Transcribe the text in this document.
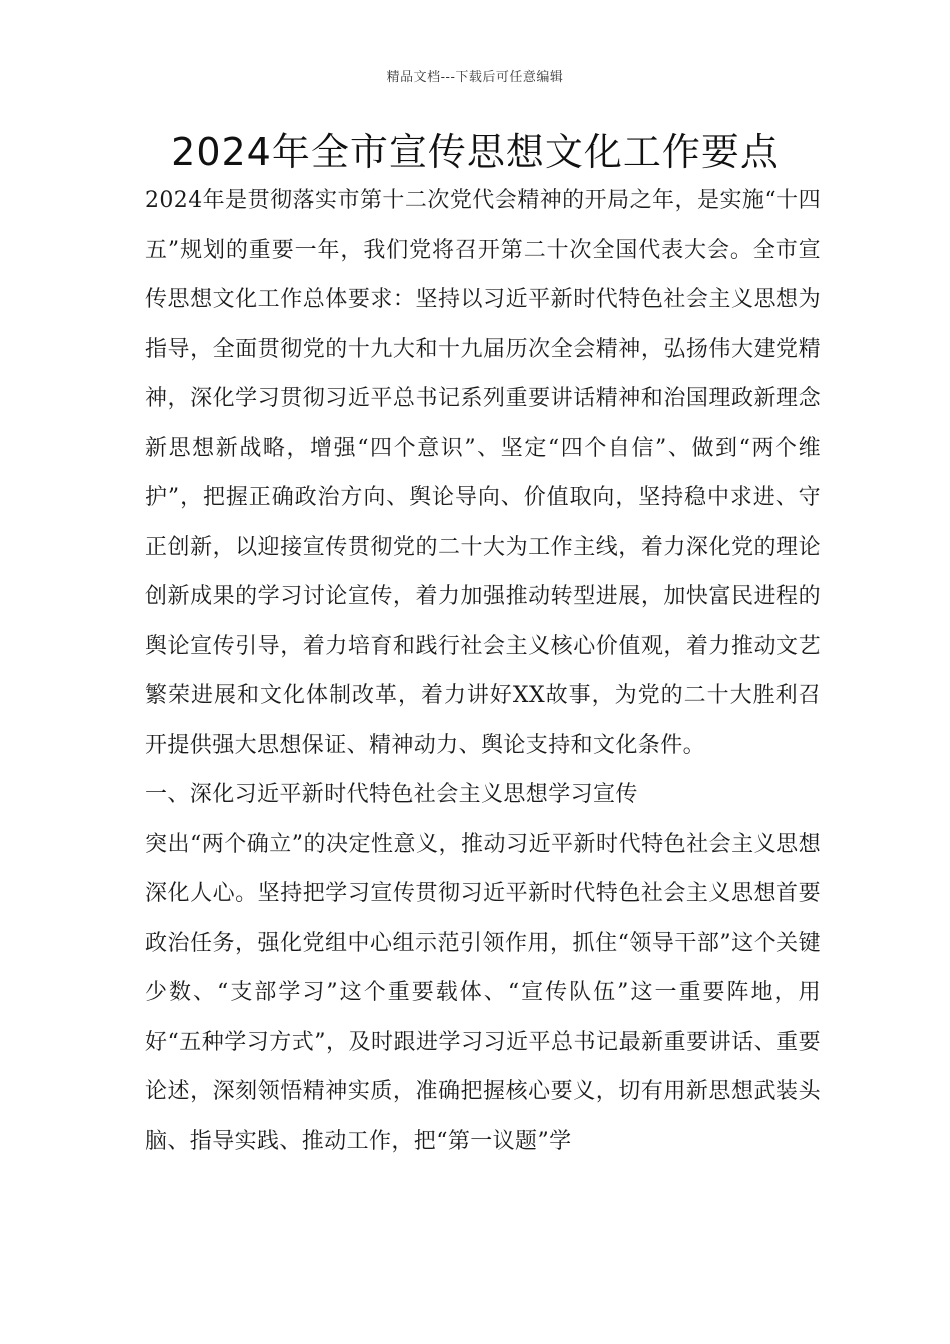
精品文档---下载后可任意编辑
2024年全市宣传思想文化工作要点

2024年是贯彻落实市第十二次党代会精神的开局之年，是实施“十四五”规划的重要一年，我们党将召开第二十次全国代表大会。全市宣传思想文化工作总体要求：坚持以习近平新时代特色社会主义思想为指导，全面贯彻党的十九大和十九届历次全会精神，弘扬伟大建党精神，深化学习贯彻习近平总书记系列重要讲话精神和治国理政新理念新思想新战略，增强“四个意识”、坚定“四个自信”、做到“两个维护”，把握正确政治方向、舆论导向、价值取向，坚持稳中求进、守正创新，以迎接宣传贯彻党的二十大为工作主线，着力深化党的理论创新成果的学习讨论宣传，着力加强推动转型进展，加快富民进程的舆论宣传引导，着力培育和践行社会主义核心价值观，着力推动文艺繁荣进展和文化体制改革，着力讲好XX故事，为党的二十大胜利召开提供强大思想保证、精神动力、舆论支持和文化条件。

一、深化习近平新时代特色社会主义思想学习宣传

突出“两个确立”的决定性意义，推动习近平新时代特色社会主义思想深化人心。坚持把学习宣传贯彻习近平新时代特色社会主义思想首要政治任务，强化党组中心组示范引领作用，抓住“领导干部”这个关键少数、“支部学习”这个重要载体、“宣传队伍”这一重要阵地，用好“五种学习方式”，及时跟进学习习近平总书记最新重要讲话、重要论述，深刻领悟精神实质，准确把握核心要义，切有用新思想武装头脑、指导实践、推动工作，把“第一议题”学
